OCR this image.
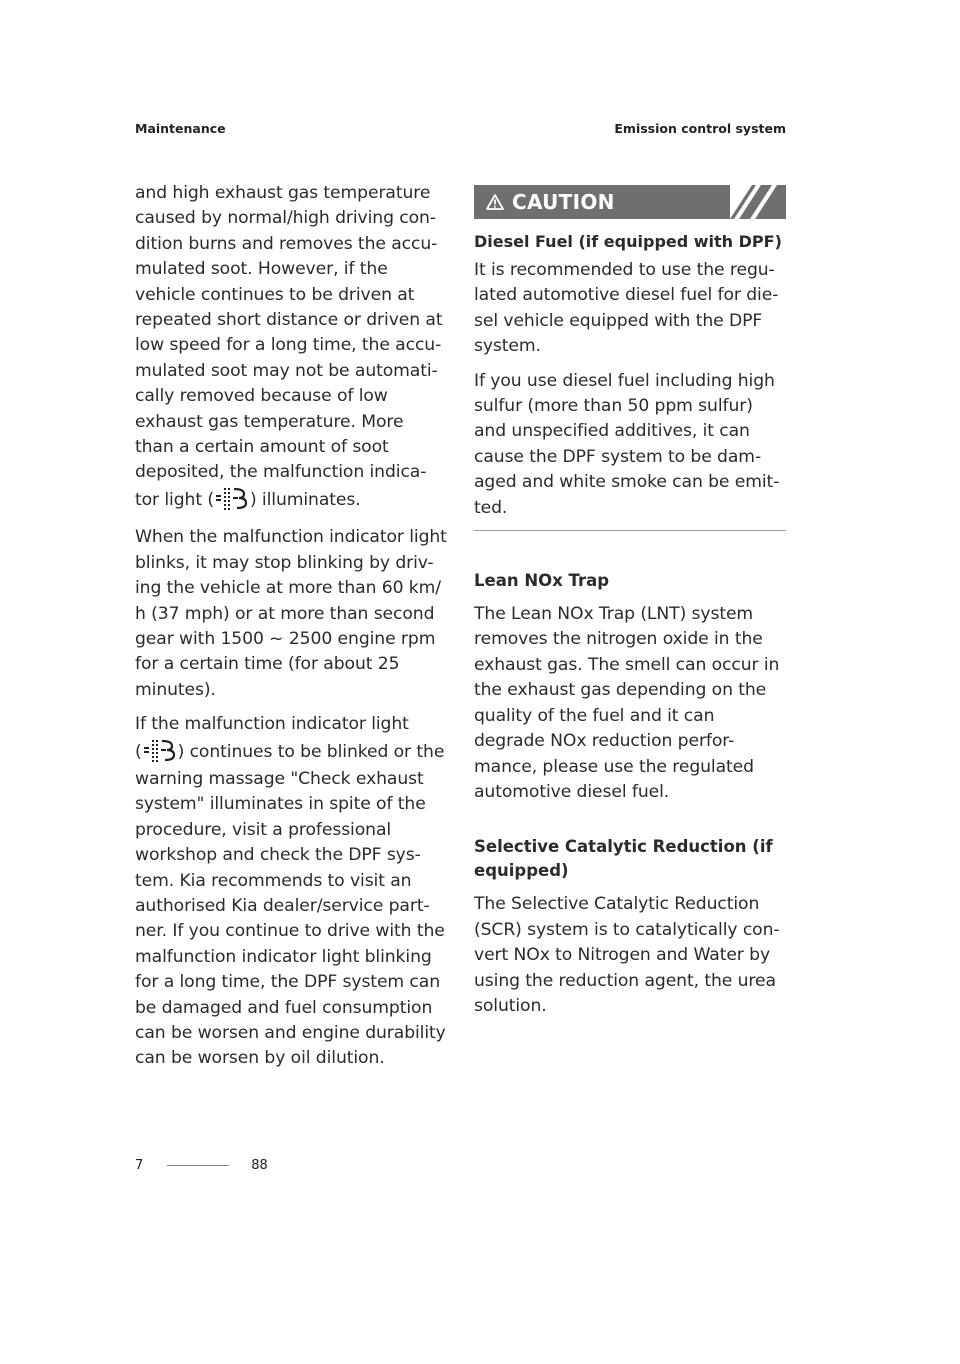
Maintenance	Emission control system

and high exhaust gas temperature
caused by normal/high driving con-
dition burns and removes the accu-
mulated soot. However, if the
vehicle continues to be driven at
repeated short distance or driven at
low speed for a long time, the accu-
mulated soot may not be automati-
cally removed because of low
exhaust gas temperature. More
than a certain amount of soot
deposited, the malfunction indica-
tor light ( ) illuminates.

When the malfunction indicator light
blinks, it may stop blinking by driv-
ing the vehicle at more than 60 km/
h (37 mph) or at more than second
gear with 1500 ~ 2500 engine rpm
for a certain time (for about 25
minutes).

If the malfunction indicator light
( ) continues to be blinked or the
warning massage "Check exhaust
system" illuminates in spite of the
procedure, visit a professional
workshop and check the DPF sys-
tem. Kia recommends to visit an
authorised Kia dealer/service part-
ner. If you continue to drive with the
malfunction indicator light blinking
for a long time, the DPF system can
be damaged and fuel consumption
can be worsen and engine durability
can be worsen by oil dilution.

CAUTION
Diesel Fuel (if equipped with DPF)

It is recommended to use the regu-
lated automotive diesel fuel for die-
sel vehicle equipped with the DPF
system.

If you use diesel fuel including high
sulfur (more than 50 ppm sulfur)
and unspecified additives, it can
cause the DPF system to be dam-
aged and white smoke can be emit-
ted.

Lean NOx Trap

The Lean NOx Trap (LNT) system
removes the nitrogen oxide in the
exhaust gas. The smell can occur in
the exhaust gas depending on the
quality of the fuel and it can
degrade NOx reduction perfor-
mance, please use the regulated
automotive diesel fuel.

Selective Catalytic Reduction (if
equipped)

The Selective Catalytic Reduction
(SCR) system is to catalytically con-
vert NOx to Nitrogen and Water by
using the reduction agent, the urea
solution.

7	88
